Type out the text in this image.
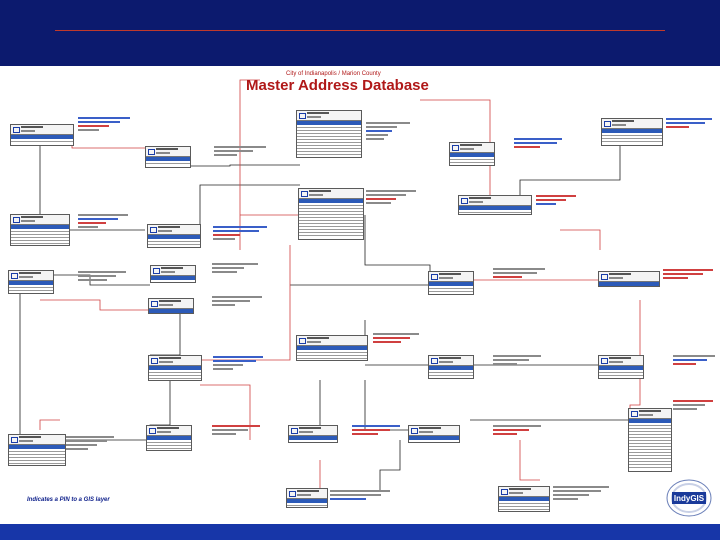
City of Indianapolis / Marion County
Master Address Database
Indicates a PIN to a GIS layer	IndyGIS
